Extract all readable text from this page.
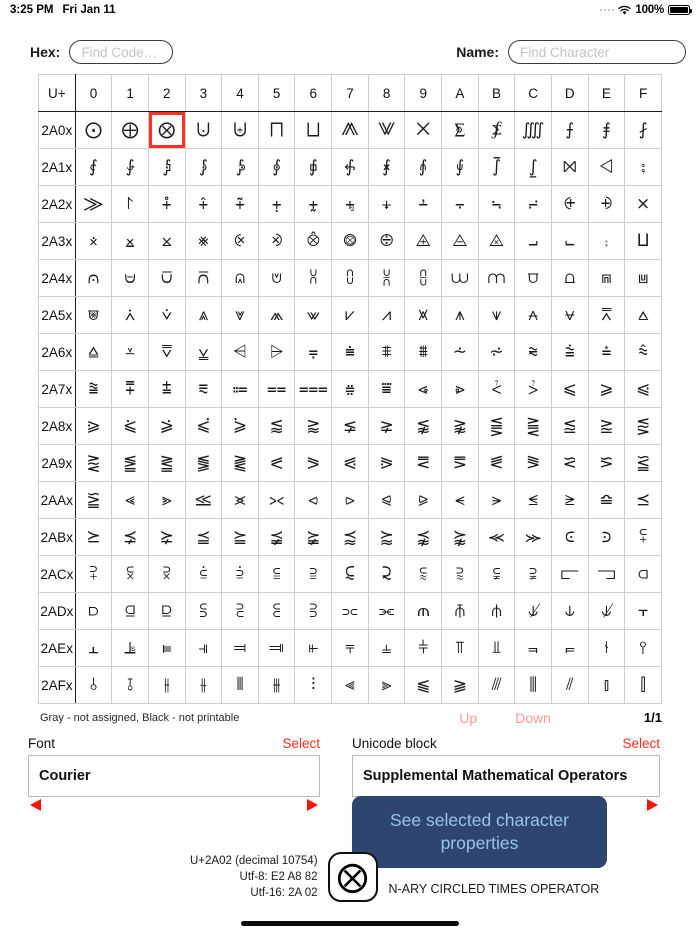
3:25 PM Fri Jan 11	100%
Hex:
Find Code…	Name:
Find Character
U+	0	1	2	3	4	5	6	7	8	9	A	B	C	D	E	F
2A0x	⨀	⨁	⨂	⨃	⨄	⨅	⨆	⨇	⨈	⨉	⨊	⨋	⨌	⨍	⨎	⨏
2A1x	⨐	⨑	⨒	⨓	⨔	⨕	⨖	⨗	⨘	⨙	⨚	⨛	⨜	⨝	⨞	⨟
2A2x	⨠	⨡	⨢	⨣	⨤	⨥	⨦	⨧	⨨	⨩	⨪	⨫	⨬	⨭	⨮	⨯
2A3x	⨰	⨱	⨲	⨳	⨴	⨵	⨶	⨷	⨸	⨹	⨺	⨻	⨼	⨽	⨾	⨿
2A4x	⩀	⩁	⩂	⩃	⩄	⩅	⩆	⩇	⩈	⩉	⩊	⩋	⩌	⩍	⩎	⩏
2A5x	⩐	⩑	⩒	⩓	⩔	⩕	⩖	⩗	⩘	⩙	⩚	⩛	⩜	⩝	⩞	⩟
2A6x	⩠	⩡	⩢	⩣	⩤	⩥	⩦	⩧	⩨	⩩	⩪	⩫	⩬	⩭	⩮	⩯
2A7x	⩰	⩱	⩲	⩳	⩴	⩵	⩶	⩷	⩸	⩹	⩺	⩻	⩼	⩽	⩾	⩿
2A8x	⪀	⪁	⪂	⪃	⪄	⪅	⪆	⪇	⪈	⪉	⪊	⪋	⪌	⪍	⪎	⪏
2A9x	⪐	⪑	⪒	⪓	⪔	⪕	⪖	⪗	⪘	⪙	⪚	⪛	⪜	⪝	⪞	⪟
2AAx	⪠	⪡	⪢	⪣	⪤	⪥	⪦	⪧	⪨	⪩	⪪	⪫	⪬	⪭	⪮	⪯
2ABx	⪰	⪱	⪲	⪳	⪴	⪵	⪶	⪷	⪸	⪹	⪺	⪻	⪼	⪽	⪾	⪿
2ACx	⫀	⫁	⫂	⫃	⫄	⫅	⫆	⫇	⫈	⫉	⫊	⫋	⫌	⫍	⫎	⫏
2ADx	⫐	⫑	⫒	⫓	⫔	⫕	⫖	⫗	⫘	⫙	⫚	⫛	⫝̸	⫝	⫝̸	⫟
2AEx	⫠	⫡	⫢	⫣	⫤	⫥	⫦	⫧	⫨	⫩	⫪	⫫	⫬	⫭	⫮	⫯
2AFx	⫰	⫱	⫲	⫳	⫴	⫵	⫶	⫷	⫸	⫹	⫺	⫻	⫼	⫽	⫾	⫿
Gray - not assigned, Black - not printable	Up	Down	1/1
Font	Select
Courier
Unicode block	Select
Supplemental Mathematical Operators
See selected character properties
U+2A02 (decimal 10754)
Utf-8: E2 A8 82
Utf-16: 2A 02 ⨂	N-ARY CIRCLED TIMES OPERATOR
